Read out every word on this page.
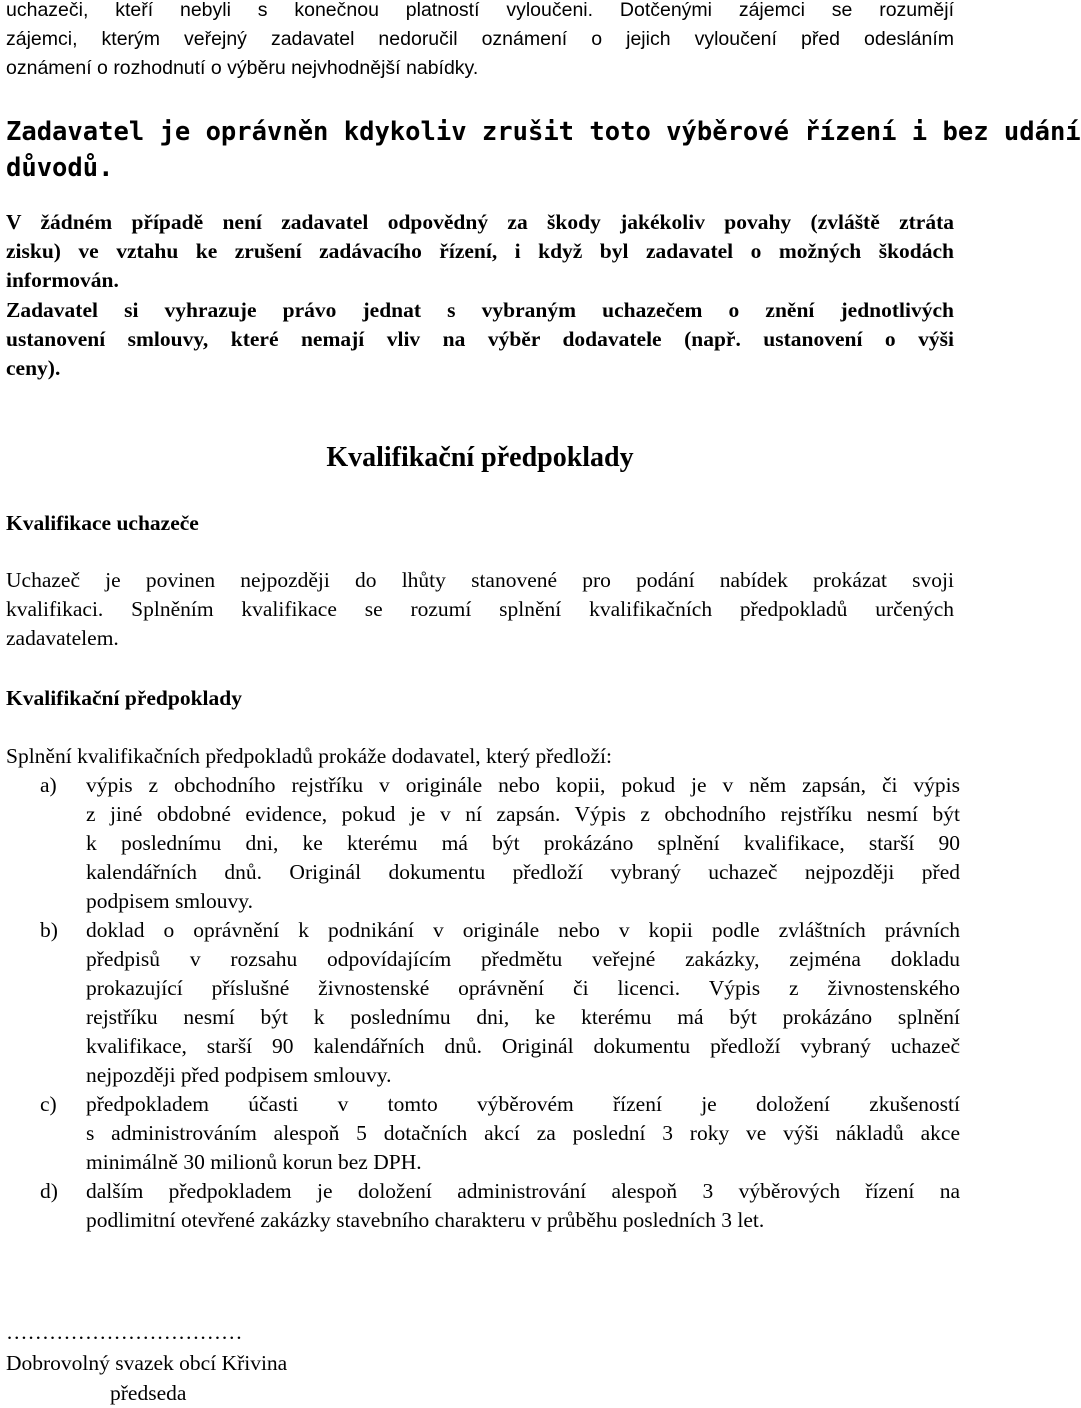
uchazeči, kteří nebyli s konečnou platností vyloučeni. Dotčenými zájemci se rozumějí
zájemci, kterým veřejný zadavatel nedoručil oznámení o jejich vyloučení před odesláním
oznámení o rozhodnutí o výběru nejvhodnější nabídky.
Zadavatel je oprávněn kdykoliv zrušit toto výběrové řízení i bez udání
důvodů.
V žádném případě není zadavatel odpovědný za škody jakékoliv povahy (zvláště ztráta
zisku) ve vztahu ke zrušení zadávacího řízení, i když byl zadavatel o možných škodách
informován.
Zadavatel si vyhrazuje právo jednat s vybraným uchazečem o znění jednotlivých
ustanovení smlouvy, které nemají vliv na výběr dodavatele (např. ustanovení o výši
ceny).
Kvalifikační předpoklady
Kvalifikace uchazeče
Uchazeč je povinen nejpozději do lhůty stanovené pro podání nabídek prokázat svoji
kvalifikaci. Splněním kvalifikace se rozumí splnění kvalifikačních předpokladů určených
zadavatelem.
Kvalifikační předpoklady
Splnění kvalifikačních předpokladů prokáže dodavatel, který předloží:
a) výpis z obchodního rejstříku v originále nebo kopii, pokud je v něm zapsán, či výpis
z jiné obdobné evidence, pokud je v ní zapsán. Výpis z obchodního rejstříku nesmí být
k poslednímu dni, ke kterému má být prokázáno splnění kvalifikace, starší 90
kalendářních dnů. Originál dokumentu předloží vybraný uchazeč nejpozději před
podpisem smlouvy.
b) doklad o oprávnění k podnikání v originále nebo v kopii podle zvláštních právních
předpisů v rozsahu odpovídajícím předmětu veřejné zakázky, zejména dokladu
prokazující příslušné živnostenské oprávnění či licenci. Výpis z živnostenského
rejstříku nesmí být k poslednímu dni, ke kterému má být prokázáno splnění
kvalifikace, starší 90 kalendářních dnů. Originál dokumentu předloží vybraný uchazeč
nejpozději před podpisem smlouvy.
c) předpokladem účasti v tomto výběrovém řízení je doložení zkušeností
s administrováním alespoň 5 dotačních akcí za poslední 3 roky ve výši nákladů akce
minimálně 30 milionů korun bez DPH.
d) dalším předpokladem je doložení administrování alespoň 3 výběrových řízení na
podlimitní otevřené zakázky stavebního charakteru v průběhu posledních 3 let.
……………………………
Dobrovolný svazek obcí Křivina
předseda
